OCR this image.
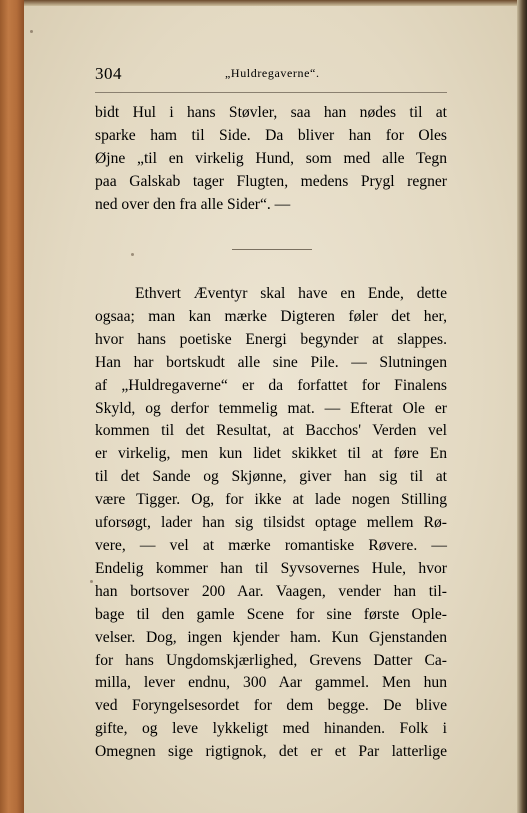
304	„Huldregaverne“.
bidt Hul i hans Støvler, saa han nødes til at
sparke ham til Side. Da bliver han for Oles
Øjne „til en virkelig Hund, som med alle Tegn
paa Galskab tager Flugten, medens Prygl regner
ned over den fra alle Sider“. —
Ethvert Æventyr skal have en Ende, dette
ogsaa; man kan mærke Digteren føler det her,
hvor hans poetiske Energi begynder at slappes.
Han har bortskudt alle sine Pile. — Slutningen
af „Huldregaverne“ er da forfattet for Finalens
Skyld, og derfor temmelig mat. — Efterat Ole er
kommen til det Resultat, at Bacchos' Verden vel
er virkelig, men kun lidet skikket til at føre En
til det Sande og Skjønne, giver han sig til at
være Tigger. Og, for ikke at lade nogen Stilling
uforsøgt, lader han sig tilsidst optage mellem Rø-
vere, — vel at mærke romantiske Røvere. —
Endelig kommer han til Syvsovernes Hule, hvor
han bortsover 200 Aar. Vaagen, vender han til-
bage til den gamle Scene for sine første Ople-
velser. Dog, ingen kjender ham. Kun Gjenstanden
for hans Ungdomskjærlighed, Grevens Datter Ca-
milla, lever endnu, 300 Aar gammel. Men hun
ved Foryngelsesordet for dem begge. De blive
gifte, og leve lykkeligt med hinanden. Folk i
Omegnen sige rigtignok, det er et Par latterlige
